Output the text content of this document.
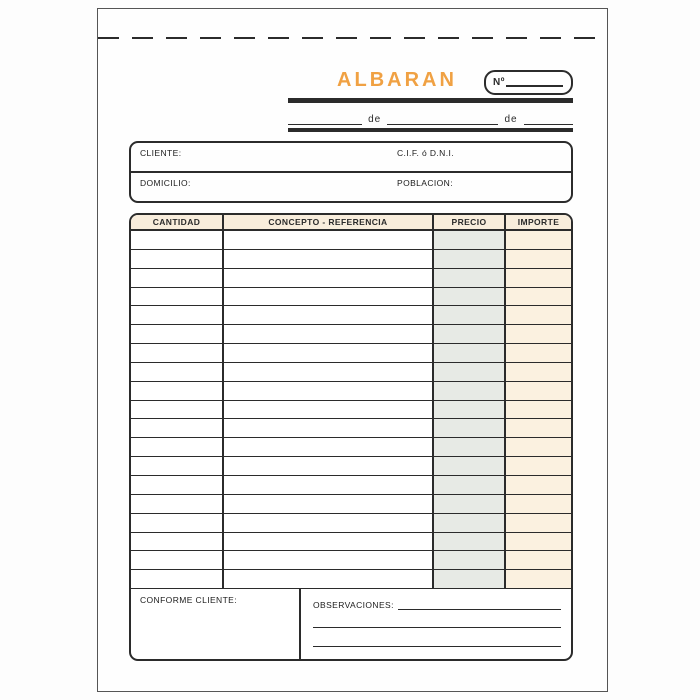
ALBARAN	Nº
de	de
CLIENTE:	C.I.F. ó D.N.I.
DOMICILIO:	POBLACION:
CANTIDAD	CONCEPTO - REFERENCIA	PRECIO	IMPORTE
CONFORME CLIENTE:	OBSERVACIONES:
